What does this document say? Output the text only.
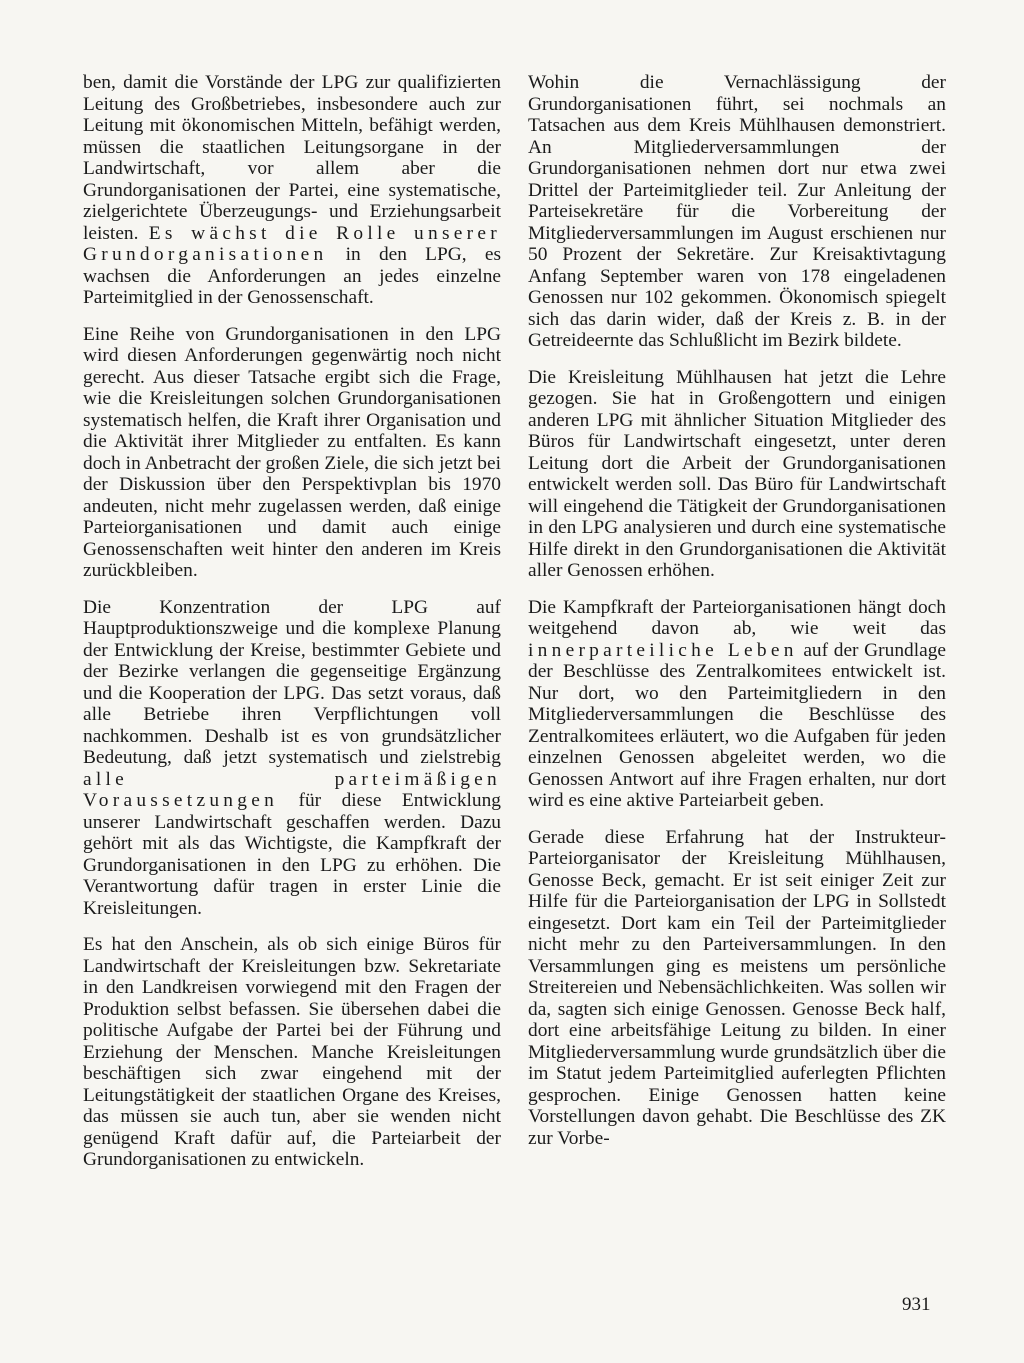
ben, damit die Vorstände der LPG zur qualifizierten Leitung des Großbetriebes, insbesondere auch zur Leitung mit ökonomischen Mitteln, befähigt werden, müssen die staatlichen Leitungsorgane in der Landwirtschaft, vor allem aber die Grundorganisationen der Partei, eine systematische, zielgerichtete Überzeugungs- und Erziehungsarbeit leisten. Es wächst die Rolle unserer Grundorganisationen in den LPG, es wachsen die Anforderungen an jedes einzelne Parteimitglied in der Genossenschaft.

Eine Reihe von Grundorganisationen in den LPG wird diesen Anforderungen gegenwärtig noch nicht gerecht. Aus dieser Tatsache ergibt sich die Frage, wie die Kreisleitungen solchen Grundorganisationen systematisch helfen, die Kraft ihrer Organisation und die Aktivität ihrer Mitglieder zu entfalten. Es kann doch in Anbetracht der großen Ziele, die sich jetzt bei der Diskussion über den Perspektivplan bis 1970 andeuten, nicht mehr zugelassen werden, daß einige Parteiorganisationen und damit auch einige Genossenschaften weit hinter den anderen im Kreis zurückbleiben.

Die Konzentration der LPG auf Hauptproduktionszweige und die komplexe Planung der Entwicklung der Kreise, bestimmter Gebiete und der Bezirke verlangen die gegenseitige Ergänzung und die Kooperation der LPG. Das setzt voraus, daß alle Betriebe ihren Verpflichtungen voll nachkommen. Deshalb ist es von grundsätzlicher Bedeutung, daß jetzt systematisch und zielstrebig alle parteimäßigen Voraussetzungen für diese Entwicklung unserer Landwirtschaft geschaffen werden. Dazu gehört mit als das Wichtigste, die Kampfkraft der Grundorganisationen in den LPG zu erhöhen. Die Verantwortung dafür tragen in erster Linie die Kreisleitungen.

Es hat den Anschein, als ob sich einige Büros für Landwirtschaft der Kreisleitungen bzw. Sekretariate in den Landkreisen vorwiegend mit den Fragen der Produktion selbst befassen. Sie übersehen dabei die politische Aufgabe der Partei bei der Führung und Erziehung der Menschen. Manche Kreisleitungen beschäftigen sich zwar eingehend mit der Leitungstätigkeit der staatlichen Organe des Kreises, das müssen sie auch tun, aber sie wenden nicht genügend Kraft dafür auf, die Parteiarbeit der Grundorganisationen zu entwickeln.

Wohin die Vernachlässigung der Grundorganisationen führt, sei nochmals an Tatsachen aus dem Kreis Mühlhausen demonstriert. An Mitgliederversammlungen der Grundorganisationen nehmen dort nur etwa zwei Drittel der Parteimitglieder teil. Zur Anleitung der Parteisekretäre für die Vorbereitung der Mitgliederversammlungen im August erschienen nur 50 Prozent der Sekretäre. Zur Kreisaktivtagung Anfang September waren von 178 eingeladenen Genossen nur 102 gekommen. Ökonomisch spiegelt sich das darin wider, daß der Kreis z. B. in der Getreideernte das Schlußlicht im Bezirk bildete.

Die Kreisleitung Mühlhausen hat jetzt die Lehre gezogen. Sie hat in Großengottern und einigen anderen LPG mit ähnlicher Situation Mitglieder des Büros für Landwirtschaft eingesetzt, unter deren Leitung dort die Arbeit der Grundorganisationen entwickelt werden soll. Das Büro für Landwirtschaft will eingehend die Tätigkeit der Grundorganisationen in den LPG analysieren und durch eine systematische Hilfe direkt in den Grundorganisationen die Aktivität aller Genossen erhöhen.

Die Kampfkraft der Parteiorganisationen hängt doch weitgehend davon ab, wie weit das innerparteiliche Leben auf der Grundlage der Beschlüsse des Zentralkomitees entwickelt ist. Nur dort, wo den Parteimitgliedern in den Mitgliederversammlungen die Beschlüsse des Zentralkomitees erläutert, wo die Aufgaben für jeden einzelnen Genossen abgeleitet werden, wo die Genossen Antwort auf ihre Fragen erhalten, nur dort wird es eine aktive Parteiarbeit geben.

Gerade diese Erfahrung hat der Instrukteur-Parteiorganisator der Kreisleitung Mühlhausen, Genosse Beck, gemacht. Er ist seit einiger Zeit zur Hilfe für die Parteiorganisation der LPG in Sollstedt eingesetzt. Dort kam ein Teil der Parteimitglieder nicht mehr zu den Parteiversammlungen. In den Versammlungen ging es meistens um persönliche Streitereien und Nebensächlichkeiten. Was sollen wir da, sagten sich einige Genossen. Genosse Beck half, dort eine arbeitsfähige Leitung zu bilden. In einer Mitgliederversammlung wurde grundsätzlich über die im Statut jedem Parteimitglied auferlegten Pflichten gesprochen. Einige Genossen hatten keine Vorstellungen davon gehabt. Die Beschlüsse des ZK zur Vorbe-

931
